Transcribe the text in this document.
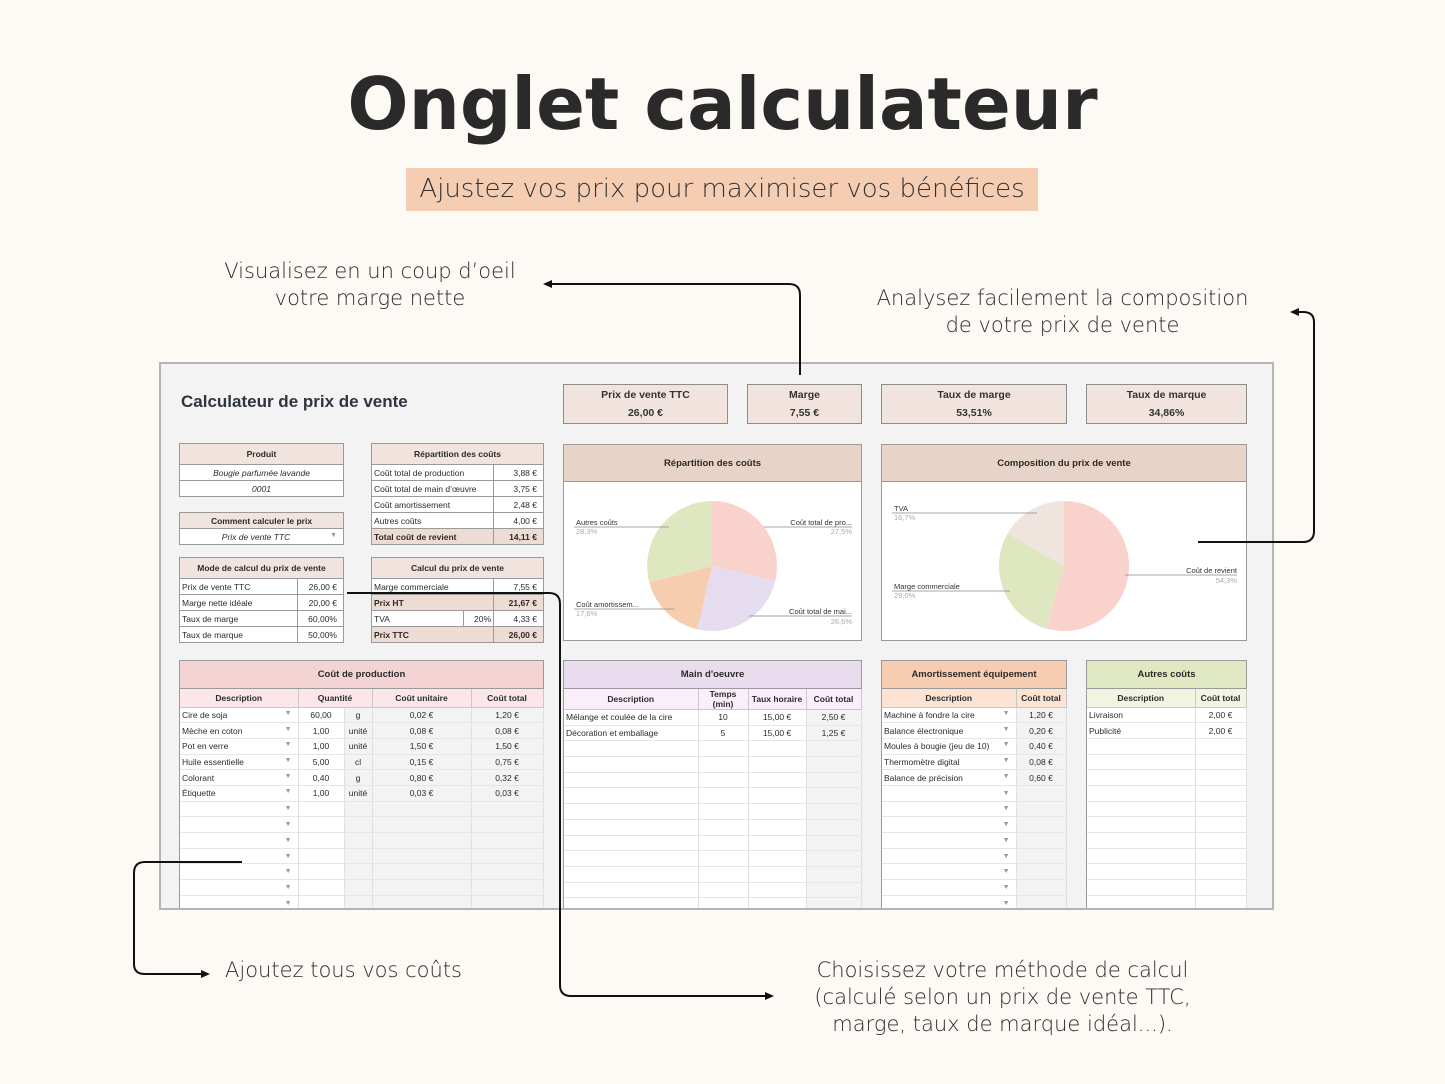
Onglet calculateur
Ajustez vos prix pour maximiser vos bénéfices
Visualisez en un coup d’oeil
votre marge nette	Analysez facilement la composition
de votre prix de vente
Ajoutez tous vos coûts	Choisissez votre méthode de calcul
(calculé selon un prix de vente TTC,
marge, taux de marque idéal...).
Calculateur de prix de vente	Prix de vente TTC
26,00 €
Marge
7,55 €
Taux de marge
53,51%
Taux de marque
34,86%
Produit
Bougie parfumée lavande
0001
Comment calculer le prix
Prix de vente TTC	▼
Mode de calcul du prix de vente	
Prix de vente TTC	26,00 €
Marge nette idéale	20,00 €
Taux de marge	60,00%
Taux de marque	50,00%
Répartition des coûts	
Coût total de production	3,88 €
Coût total de main d’œuvre	3,75 €
Coût amortissement	2,48 €
Autres coûts	4,00 €
Total coût de revient	14,11 €
Calcul du prix de vente		
Marge commerciale		7,55 €
Prix HT		21,67 €
TVA	20%	4,33 €
Prix TTC		26,00 €
Répartition des coûts
Autres coûts
28,3%
Coût total de pro...
27,5%
Coût amortissem...
17,6%	Coût total de mai...
26,6%
Composition du prix de vente
TVA
16,7%
Marge commerciale
29,0%
Coût de revient
54,3%
Coût de production
Description	Quantité		Coût unitaire	Coût total
Cire de soja ▼	60,00	g	0,02 €	1,20 €
Mèche en coton ▼	1,00	unité	0,08 €	0,08 €
Pot en verre ▼	1,00	unité	1,50 €	1,50 €
Huile essentielle ▼	5,00	cl	0,15 €	0,75 €
Colorant ▼	0,40	g	0,80 €	0,32 €
Étiquette ▼	1,00	unité	0,03 €	0,03 €

▼				

▼				

▼				

▼				

▼				

▼				

▼				

Main d'oeuvre
Description	Temps (min)	Taux horaire	Coût total
Mélange et coulée de la cire	10	15,00 €	2,50 €
Décoration et emballage	5	15,00 €	1,25 €

Amortissement équipement
Description	Coût total
Machine à fondre la cire ▼	1,20 €
Balance électronique ▼	0,20 €
Moules à bougie (jeu de 10) ▼	0,40 €
Thermomètre digital ▼	0,08 €
Balance de précision ▼	0,60 €

▼	

▼	

▼	

▼	

▼	

▼	

▼	

▼	

Autres coûts
Description	Coût total
Livraison	2,00 €
Publicité	2,00 €
